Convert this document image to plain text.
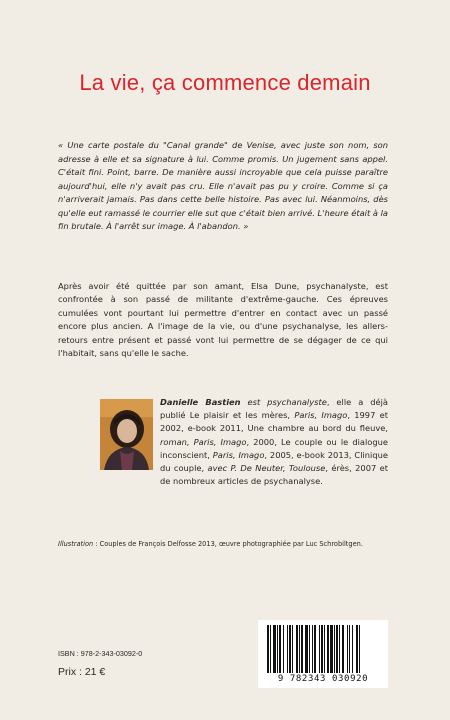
La vie, ça commence demain

« Une carte postale du "Canal grande" de Venise, avec juste son nom, son adresse à elle et sa signature à lui. Comme promis. Un jugement sans appel. C'était fini. Point, barre. De manière aussi incroyable que cela puisse paraître aujourd'hui, elle n'y avait pas cru. Elle n'avait pas pu y croire. Comme si ça n'arriverait jamais. Pas dans cette belle histoire. Pas avec lui. Néanmoins, dès qu'elle eut ramassé le courrier elle sut que c'était bien arrivé. L'heure était à la fin brutale. À l'arrêt sur image. À l'abandon. »

Après avoir été quittée par son amant, Elsa Dune, psychanalyste, est confrontée à son passé de militante d'extrême-gauche. Ces épreuves cumulées vont pourtant lui permettre d'entrer en contact avec un passé encore plus ancien. A l'image de la vie, ou d'une psychanalyse, les allers-retours entre présent et passé vont lui permettre de se dégager de ce qui l'habitait, sans qu'elle le sache.

Danielle Bastien est psychanalyste, elle a déjà publié Le plaisir et les mères, Paris, Imago, 1997 et 2002, e-book 2011, Une chambre au bord du fleuve, roman, Paris, Imago, 2000, Le couple ou le dialogue inconscient, Paris, Imago, 2005, e-book 2013, Clinique du couple, avec P. De Neuter, Toulouse, érès, 2007 et de nombreux articles de psychanalyse.

Illustration : Couples de François Delfosse 2013, œuvre photographiée par Luc Schrobiltgen.

ISBN : 978-2-343-03092-0
Prix : 21 €
9 782343 030920
